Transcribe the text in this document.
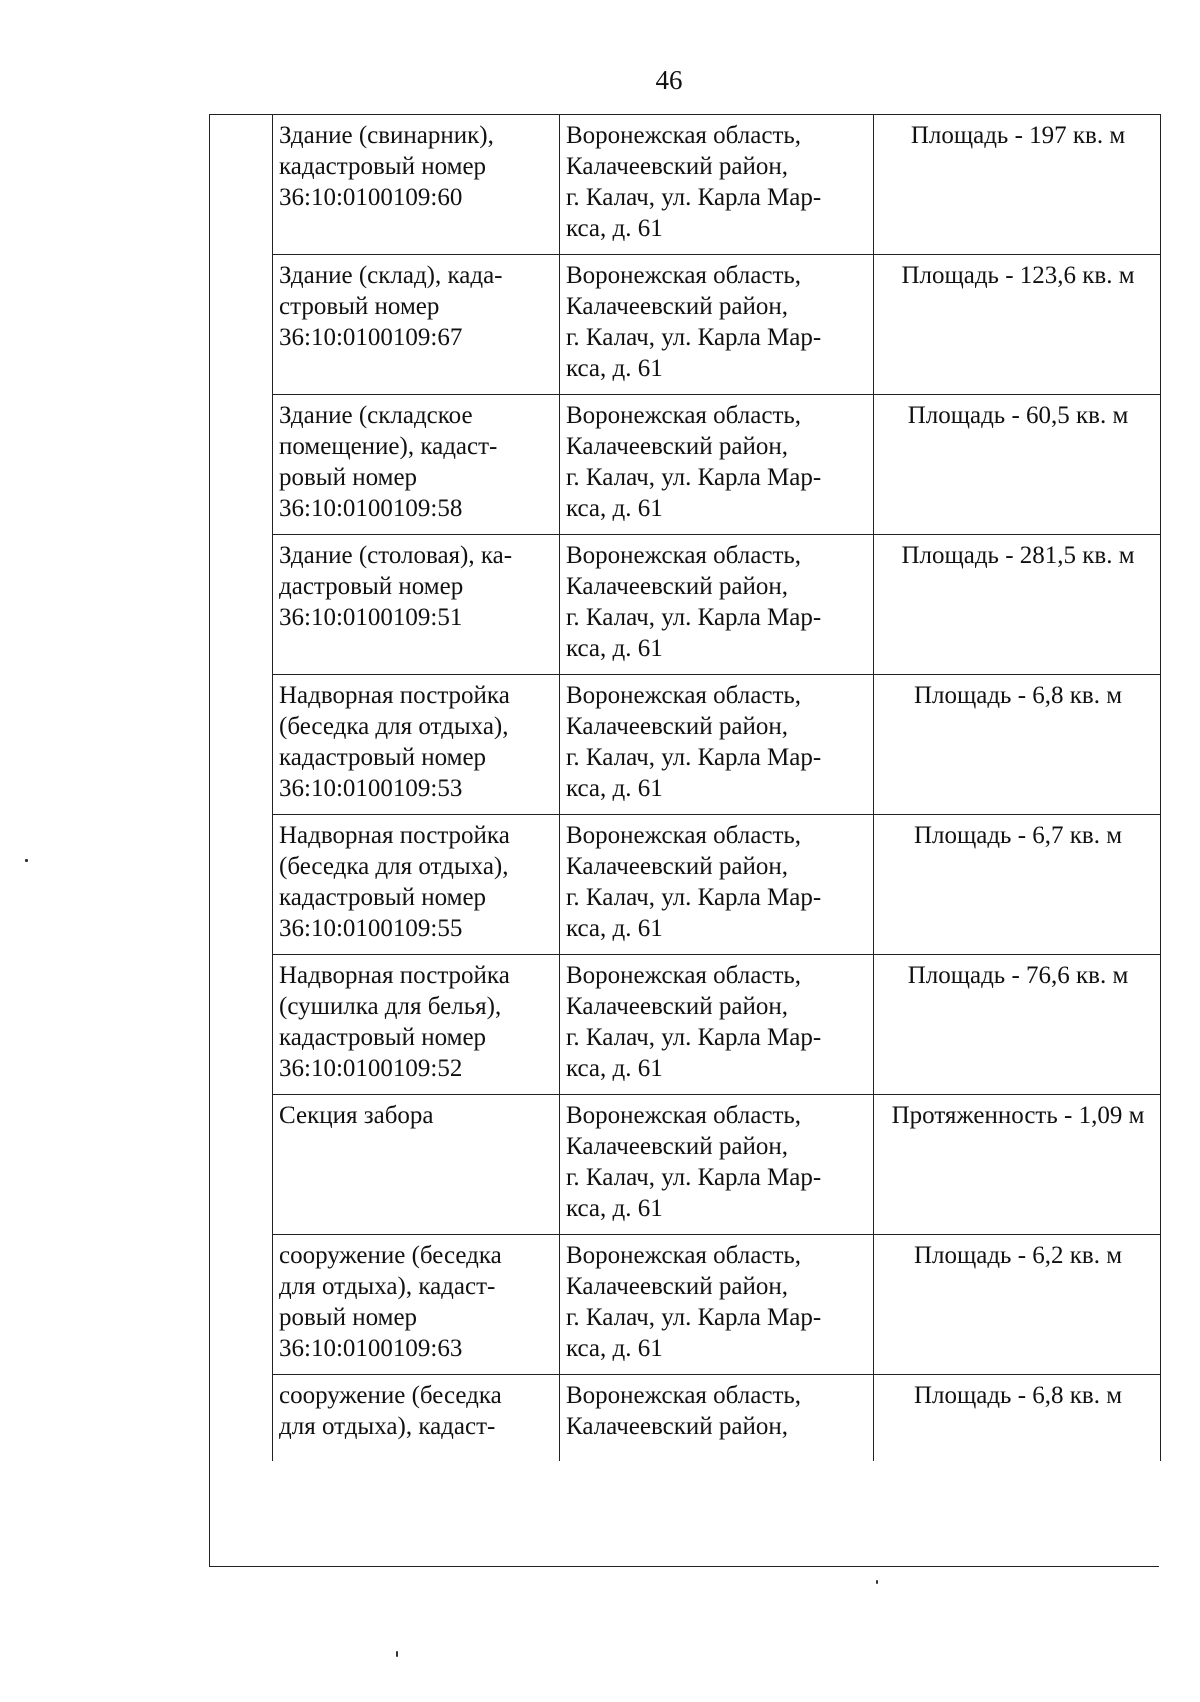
46
Здание (свинарник),
кадастровый номер
36:10:0100109:60	Воронежская область,
Калачеевский район,
г. Калач, ул. Карла Мар-
кса, д. 61	Площадь - 197 кв. м

Здание (склад), када-
стровый номер
36:10:0100109:67	Воронежская область,
Калачеевский район,
г. Калач, ул. Карла Мар-
кса, д. 61	Площадь - 123,6 кв. м

Здание (складское
помещение), кадаст-
ровый номер
36:10:0100109:58	Воронежская область,
Калачеевский район,
г. Калач, ул. Карла Мар-
кса, д. 61	Площадь - 60,5 кв. м

Здание (столовая), ка-
дастровый номер
36:10:0100109:51	Воронежская область,
Калачеевский район,
г. Калач, ул. Карла Мар-
кса, д. 61	Площадь - 281,5 кв. м

Надворная постройка
(беседка для отдыха),
кадастровый номер
36:10:0100109:53	Воронежская область,
Калачеевский район,
г. Калач, ул. Карла Мар-
кса, д. 61	Площадь - 6,8 кв. м

Надворная постройка
(беседка для отдыха),
кадастровый номер
36:10:0100109:55	Воронежская область,
Калачеевский район,
г. Калач, ул. Карла Мар-
кса, д. 61	Площадь - 6,7 кв. м

Надворная постройка
(сушилка для белья),
кадастровый номер
36:10:0100109:52	Воронежская область,
Калачеевский район,
г. Калач, ул. Карла Мар-
кса, д. 61	Площадь - 76,6 кв. м

Секция забора	Воронежская область,
Калачеевский район,
г. Калач, ул. Карла Мар-
кса, д. 61	Протяженность - 1,09 м

сооружение (беседка
для отдыха), кадаст-
ровый номер
36:10:0100109:63	Воронежская область,
Калачеевский район,
г. Калач, ул. Карла Мар-
кса, д. 61	Площадь - 6,2 кв. м

сооружение (беседка
для отдыха), кадаст-	Воронежская область,
Калачеевский район,	Площадь - 6,8 кв. м
